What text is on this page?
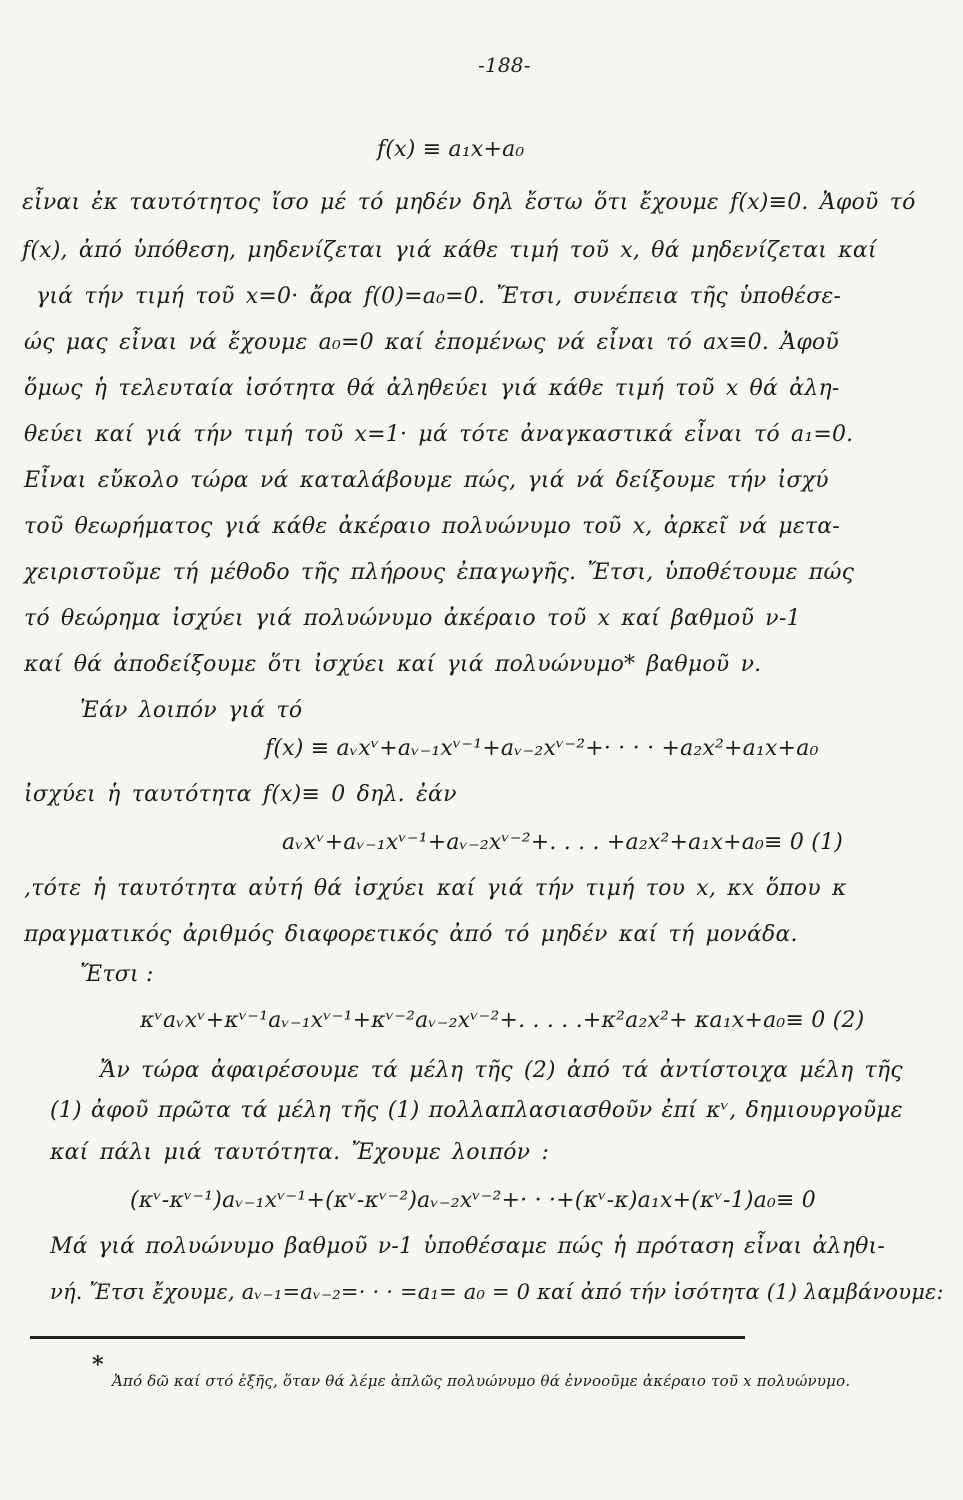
-188-
f(x) ≡ a₁x+a₀
εἶναι ἐκ ταυτότητος ἴσο μέ τό μηδέν δηλ ἔστω ὅτι ἔχουμε f(x)≡0. Ἀφοῦ τό
f(x), ἀπό ὑπόθεση, μηδενίζεται γιά κάθε τιμή τοῦ x, θά μηδενίζεται καί
γιά τήν τιμή τοῦ x=0· ἄρα f(0)=a₀=0. Ἔτσι, συνέπεια τῆς ὑποθέσε-
ώς μας εἶναι νά ἔχουμε a₀=0 καί ἑπομένως νά εἶναι τό ax≡0. Ἀφοῦ
ὅμως ἡ τελευταία ἰσότητα θά ἀληθεύει γιά κάθε τιμή τοῦ x θά ἀλη-
θεύει καί γιά τήν τιμή τοῦ x=1· μά τότε ἀναγκαστικά εἶναι τό a₁=0.
Εἶναι εὔκολο τώρα νά καταλάβουμε πώς, γιά νά δείξουμε τήν ἰσχύ
τοῦ θεωρήματος γιά κάθε ἀκέραιο πολυώνυμο τοῦ x, ἀρκεῖ νά μετα-
χειριστοῦμε τή μέθοδο τῆς πλήρους ἐπαγωγῆς. Ἔτσι, ὑποθέτουμε πώς
τό θεώρημα ἰσχύει γιά πολυώνυμο ἀκέραιο τοῦ x καί βαθμοῦ ν-1
καί θά ἀποδείξουμε ὅτι ἰσχύει καί γιά πολυώνυμο* βαθμοῦ ν.
Ἐάν λοιπόν γιά τό
f(x) ≡ aᵥxᵛ+aᵥ₋₁xᵛ⁻¹+aᵥ₋₂xᵛ⁻²+· · · · +a₂x²+a₁x+a₀
ἰσχύει ἡ ταυτότητα f(x)≡ 0 δηλ. ἐάν
aᵥxᵛ+aᵥ₋₁xᵛ⁻¹+aᵥ₋₂xᵛ⁻²+. . . . +a₂x²+a₁x+a₀≡ 0 (1)
,τότε ἡ ταυτότητα αὐτή θά ἰσχύει καί γιά τήν τιμή του x, κx ὅπου κ
πραγματικός ἀριθμός διαφορετικός ἀπό τό μηδέν καί τή μονάδα.
Ἔτσι :
κᵛaᵥxᵛ+κᵛ⁻¹aᵥ₋₁xᵛ⁻¹+κᵛ⁻²aᵥ₋₂xᵛ⁻²+. . . . .+κ²a₂x²+ κa₁x+a₀≡ 0 (2)
Ἄν τώρα ἀφαιρέσουμε τά μέλη τῆς (2) ἀπό τά ἀντίστοιχα μέλη τῆς
(1) ἀφοῦ πρῶτα τά μέλη τῆς (1) πολλαπλασιασθοῦν ἐπί κᵛ, δημιουργοῦμε
καί πάλι μιά ταυτότητα. Ἔχουμε λοιπόν :
(κᵛ-κᵛ⁻¹)aᵥ₋₁xᵛ⁻¹+(κᵛ-κᵛ⁻²)aᵥ₋₂xᵛ⁻²+· · ·+(κᵛ-κ)a₁x+(κᵛ-1)a₀≡ 0
Μά γιά πολυώνυμο βαθμοῦ ν-1 ὑποθέσαμε πώς ἡ πρόταση εἶναι ἀληθι-
νή. Ἔτσι ἔχουμε, aᵥ₋₁=aᵥ₋₂=· · · =a₁= a₀ = 0 καί ἀπό τήν ἰσότητα (1) λαμβάνουμε:
*
Ἀπό δῶ καί στό ἑξῆς, ὅταν θά λέμε ἁπλῶς πολυώνυμο θά ἐννοοῦμε ἀκέραιο τοῦ x πολυώνυμο.
